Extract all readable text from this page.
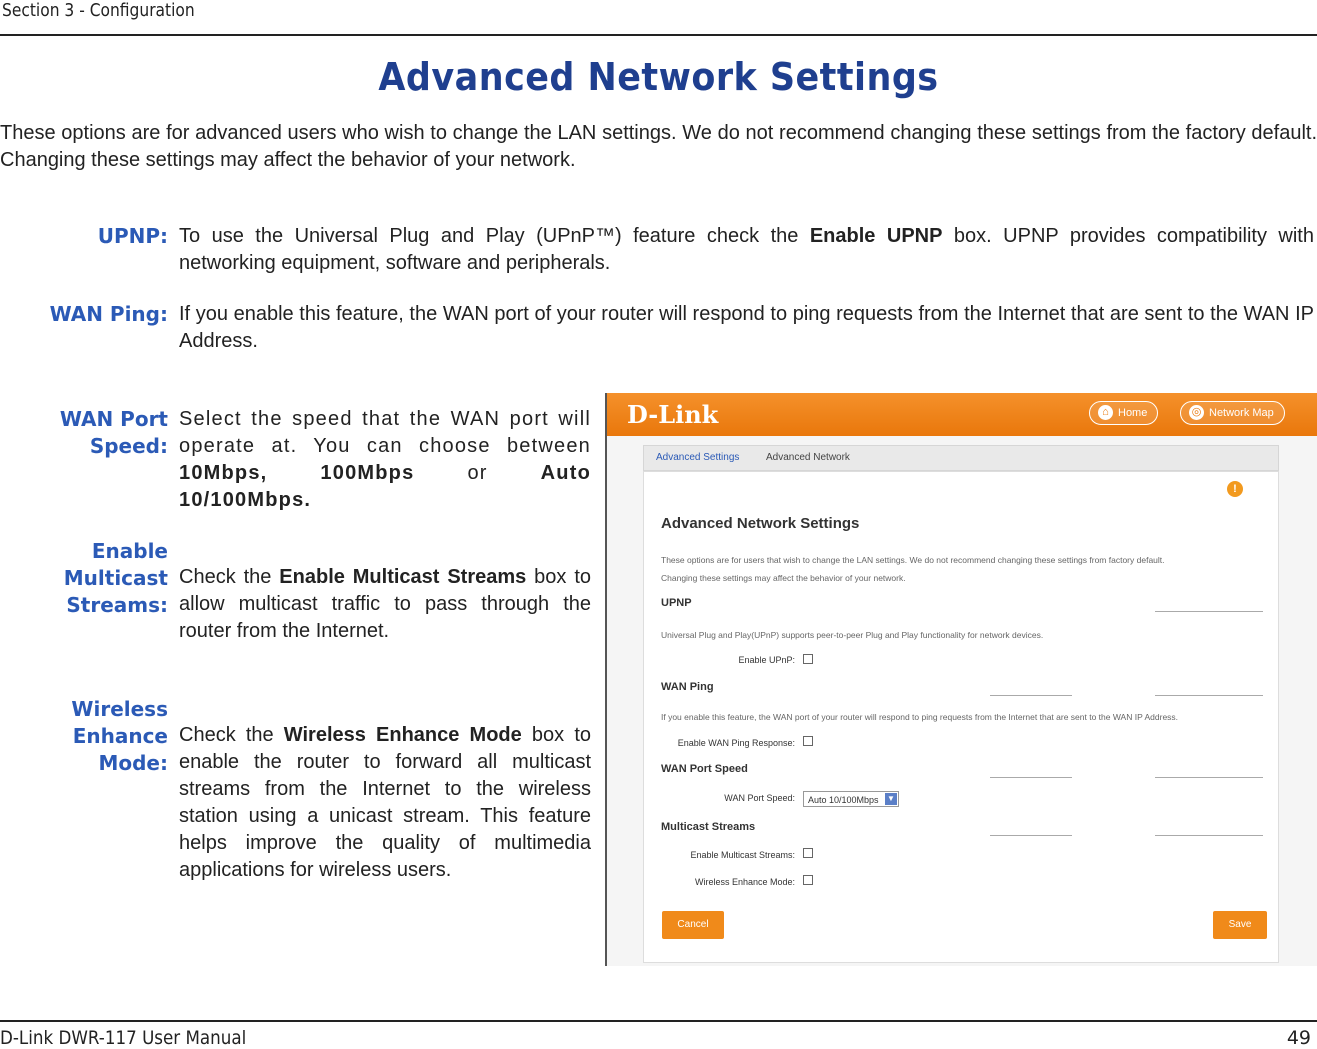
Section 3 - Configuration
Advanced Network Settings
These options are for advanced users who wish to change the LAN settings. We do not recommend changing these settings from the factory default. Changing these settings may affect the behavior of your network.
UPNP: To use the Universal Plug and Play (UPnP™) feature check the Enable UPNP box. UPNP provides compatibility with networking equipment, software and peripherals.
WAN Ping: If you enable this feature, the WAN port of your router will respond to ping requests from the Internet that are sent to the WAN IP Address.
WAN Port Speed:
Select the speed that the WAN port will operate at. You can choose between 10Mbps, 100Mbps or Auto 10/100Mbps.
Enable Multicast
Streams:
Check the Enable Multicast Streams box to allow multicast traffic to pass through the router from the Internet.
Wireless Enhance
Mode:
Check the Wireless Enhance Mode box to enable the router to forward all multicast streams from the Internet to the wireless station using a unicast stream. This feature helps improve the quality of multimedia applications for wireless users.
D-Link	⌂ Home	◎ Network Map
Advanced Settings	Advanced Network
!
Advanced Network Settings
These options are for users that wish to change the LAN settings. We do not recommend changing these settings from factory default.
Changing these settings may affect the behavior of your network.
UPNP
Universal Plug and Play(UPnP) supports peer-to-peer Plug and Play functionality for network devices.
Enable UPnP:
WAN Ping
If you enable this feature, the WAN port of your router will respond to ping requests from the Internet that are sent to the WAN IP Address.
Enable WAN Ping Response:
WAN Port Speed
WAN Port Speed:	Auto 10/100Mbps ▼
Multicast Streams
Enable Multicast Streams:
Wireless Enhance Mode:
Cancel	Save
D-Link DWR-117 User Manual	49
